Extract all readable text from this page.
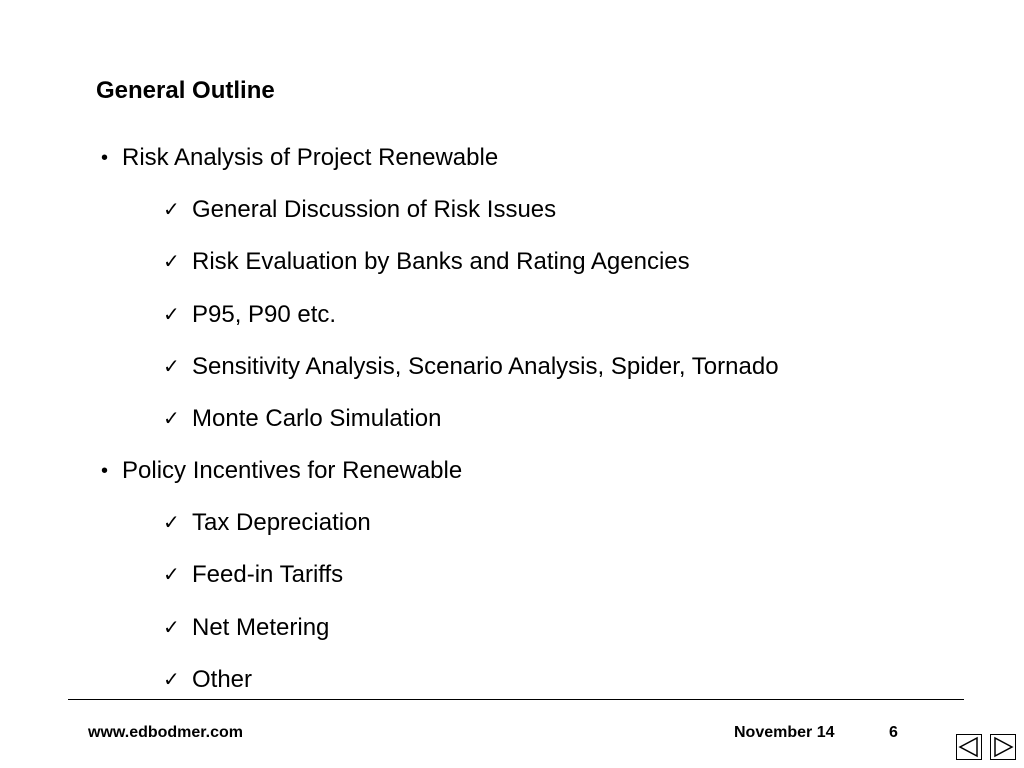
General Outline
• Risk Analysis of Project Renewable
✓ General Discussion of Risk Issues
✓ Risk Evaluation by Banks and Rating Agencies
✓ P95, P90 etc.
✓ Sensitivity Analysis, Scenario Analysis, Spider, Tornado
✓ Monte Carlo Simulation
• Policy Incentives for Renewable
✓ Tax Depreciation
✓ Feed-in Tariffs
✓ Net Metering
✓ Other
www.edbodmer.com	November 14	6
